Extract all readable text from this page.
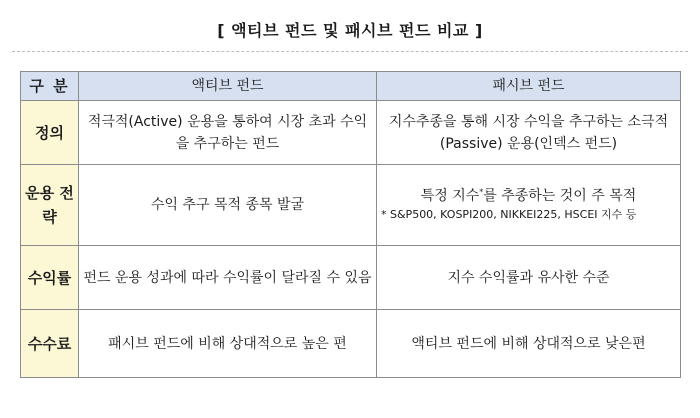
[ 액티브 펀드 및 패시브 펀드 비교 ]
구 분	액티브 펀드	패시브 펀드
정의	적극적(Active) 운용을 통하여 시장 초과 수익을 추구하는 펀드	지수추종을 통해 시장 수익을 추구하는 소극적(Passive) 운용(인덱스 펀드)
운용 전략	수익 추구 목적 종목 발굴	특정 지수*를 추종하는 것이 주 목적
* S&P500, KOSPI200, NIKKEI225, HSCEI 지수 등

수익률	펀드 운용 성과에 따라 수익률이 달라질 수 있음	지수 수익률과 유사한 수준
수수료	패시브 펀드에 비해 상대적으로 높은 편	액티브 펀드에 비해 상대적으로 낮은편
